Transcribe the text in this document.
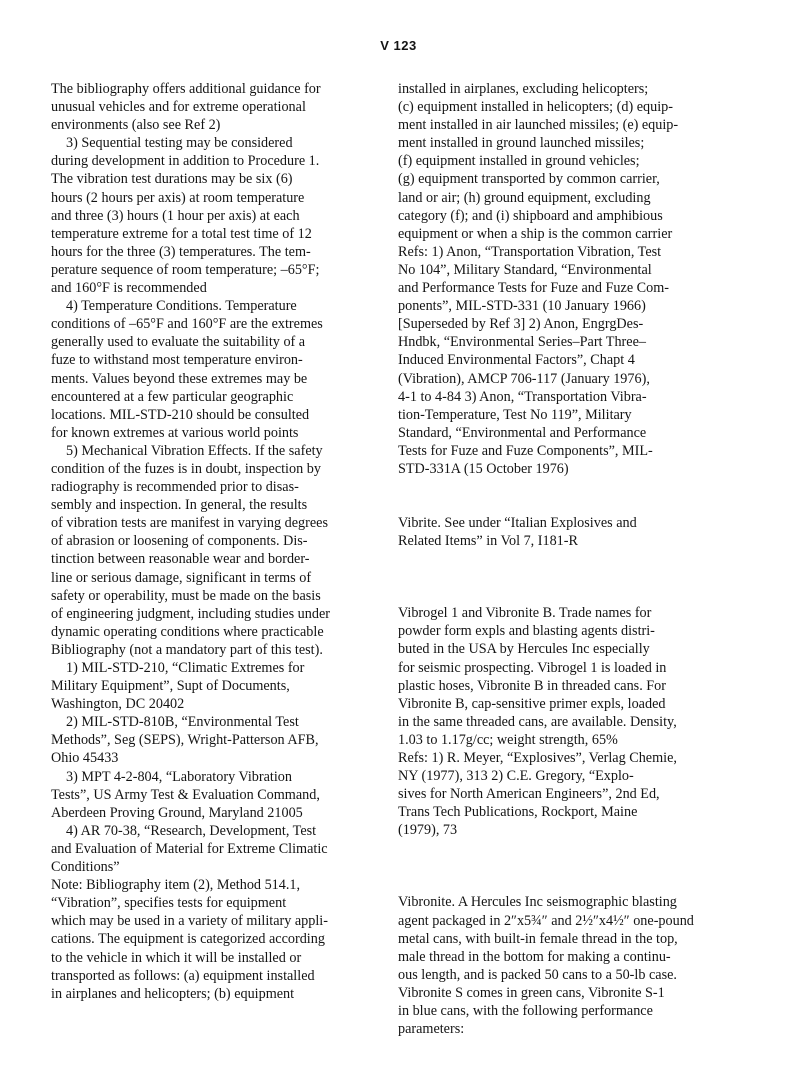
V 123

The bibliography offers additional guidance for
unusual vehicles and for extreme operational
environments (also see Ref 2)
3) Sequential testing may be considered
during development in addition to Procedure 1.
The vibration test durations may be six (6)
hours (2 hours per axis) at room temperature
and three (3) hours (1 hour per axis) at each
temperature extreme for a total test time of 12
hours for the three (3) temperatures. The tem-
perature sequence of room temperature; –65°F;
and 160°F is recommended
4) Temperature Conditions. Temperature
conditions of –65°F and 160°F are the extremes
generally used to evaluate the suitability of a
fuze to withstand most temperature environ-
ments. Values beyond these extremes may be
encountered at a few particular geographic
locations. MIL-STD-210 should be consulted
for known extremes at various world points
5) Mechanical Vibration Effects. If the safety
condition of the fuzes is in doubt, inspection by
radiography is recommended prior to disas-
sembly and inspection. In general, the results
of vibration tests are manifest in varying degrees
of abrasion or loosening of components. Dis-
tinction between reasonable wear and border-
line or serious damage, significant in terms of
safety or operability, must be made on the basis
of engineering judgment, including studies under
dynamic operating conditions where practicable
Bibliography (not a mandatory part of this test).
1) MIL-STD-210, “Climatic Extremes for
Military Equipment”, Supt of Documents,
Washington, DC 20402
2) MIL-STD-810B, “Environmental Test
Methods”, Seg (SEPS), Wright-Patterson AFB,
Ohio 45433
3) MPT 4-2-804, “Laboratory Vibration
Tests”, US Army Test & Evaluation Command,
Aberdeen Proving Ground, Maryland 21005
4) AR 70-38, “Research, Development, Test
and Evaluation of Material for Extreme Climatic
Conditions”
Note: Bibliography item (2), Method 514.1,
“Vibration”, specifies tests for equipment
which may be used in a variety of military appli-
cations. The equipment is categorized according
to the vehicle in which it will be installed or
transported as follows: (a) equipment installed
in airplanes and helicopters; (b) equipment

installed in airplanes, excluding helicopters;
(c) equipment installed in helicopters; (d) equip-
ment installed in air launched missiles; (e) equip-
ment installed in ground launched missiles;
(f) equipment installed in ground vehicles;
(g) equipment transported by common carrier,
land or air; (h) ground equipment, excluding
category (f); and (i) shipboard and amphibious
equipment or when a ship is the common carrier
Refs: 1) Anon, “Transportation Vibration, Test
No 104”, Military Standard, “Environmental
and Performance Tests for Fuze and Fuze Com-
ponents”, MIL-STD-331 (10 January 1966)
[Superseded by Ref 3] 2) Anon, EngrgDes-
Hndbk, “Environmental Series–Part Three–
Induced Environmental Factors”, Chapt 4
(Vibration), AMCP 706-117 (January 1976),
4-1 to 4-84 3) Anon, “Transportation Vibra-
tion-Temperature, Test No 119”, Military
Standard, “Environmental and Performance
Tests for Fuze and Fuze Components”, MIL-
STD-331A (15 October 1976)

Vibrite. See under “Italian Explosives and
Related Items” in Vol 7, I181-R

Vibrogel 1 and Vibronite B. Trade names for
powder form expls and blasting agents distri-
buted in the USA by Hercules Inc especially
for seismic prospecting. Vibrogel 1 is loaded in
plastic hoses, Vibronite B in threaded cans. For
Vibronite B, cap-sensitive primer expls, loaded
in the same threaded cans, are available. Density,
1.03 to 1.17g/cc; weight strength, 65%
Refs: 1) R. Meyer, “Explosives”, Verlag Chemie,
NY (1977), 313 2) C.E. Gregory, “Explo-
sives for North American Engineers”, 2nd Ed,
Trans Tech Publications, Rockport, Maine
(1979), 73

Vibronite. A Hercules Inc seismographic blasting
agent packaged in 2″x5¾″ and 2½″x4½″ one-pound
metal cans, with built-in female thread in the top,
male thread in the bottom for making a continu-
ous length, and is packed 50 cans to a 50-lb case.
Vibronite S comes in green cans, Vibronite S-1
in blue cans, with the following performance
parameters:
